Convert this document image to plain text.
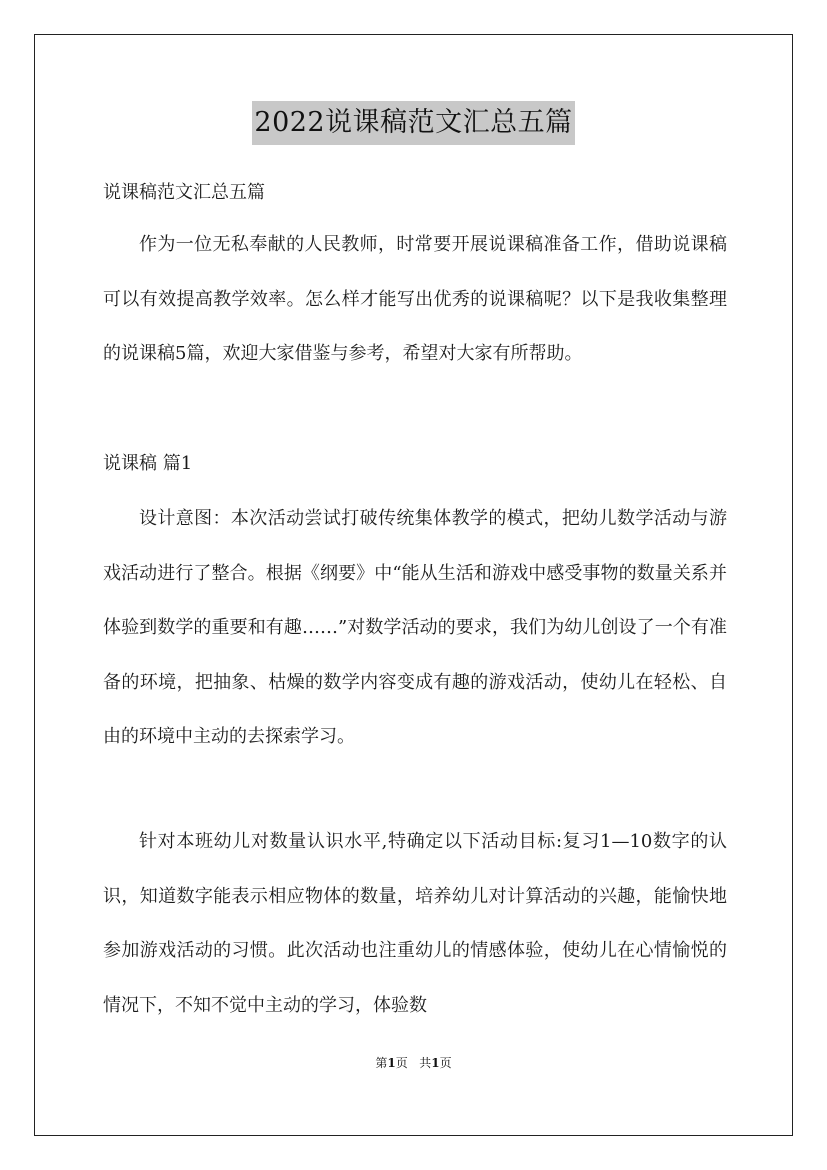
2022说课稿范文汇总五篇
说课稿范文汇总五篇

作为一位无私奉献的人民教师，时常要开展说课稿准备工作，借助说课稿可以有效提高教学效率。怎么样才能写出优秀的说课稿呢？以下是我收集整理的说课稿5篇，欢迎大家借鉴与参考，希望对大家有所帮助。

说课稿 篇1

设计意图：本次活动尝试打破传统集体教学的模式，把幼儿数学活动与游戏活动进行了整合。根据《纲要》中“能从生活和游戏中感受事物的数量关系并体验到数学的重要和有趣……”对数学活动的要求，我们为幼儿创设了一个有准备的环境，把抽象、枯燥的数学内容变成有趣的游戏活动，使幼儿在轻松、自由的环境中主动的去探索学习。

针对本班幼儿对数量认识水平,特确定以下活动目标:复习1—10数字的认识，知道数字能表示相应物体的数量，培养幼儿对计算活动的兴趣，能愉快地参加游戏活动的习惯。此次活动也注重幼儿的情感体验，使幼儿在心情愉悦的情况下，不知不觉中主动的学习，体验数

第1页 共1页
